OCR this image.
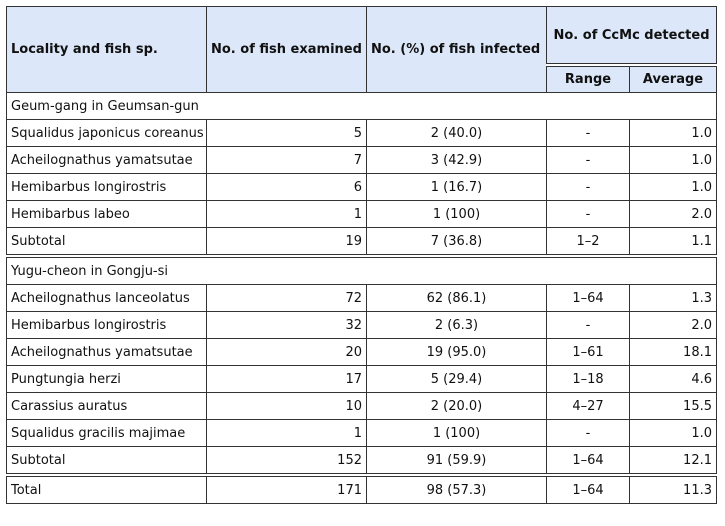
Locality and fish sp.	No. of fish examined	No. (%) of fish infected	No. of CcMc detected	
			Range	Average
Geum-gang in Geumsan-gun				
Squalidus japonicus coreanus	5	2 (40.0)	-	1.0
Acheilognathus yamatsutae	7	3 (42.9)	-	1.0
Hemibarbus longirostris	6	1 (16.7)	-	1.0
Hemibarbus labeo	1	1 (100)	-	2.0
Subtotal	19	7 (36.8)	1–2	1.1
Yugu-cheon in Gongju-si				
Acheilognathus lanceolatus	72	62 (86.1)	1–64	1.3
Hemibarbus longirostris	32	2 (6.3)	-	2.0
Acheilognathus yamatsutae	20	19 (95.0)	1–61	18.1
Pungtungia herzi	17	5 (29.4)	1–18	4.6
Carassius auratus	10	2 (20.0)	4–27	15.5
Squalidus gracilis majimae	1	1 (100)	-	1.0
Subtotal	152	91 (59.9)	1–64	12.1
Total	171	98 (57.3)	1–64	11.3
